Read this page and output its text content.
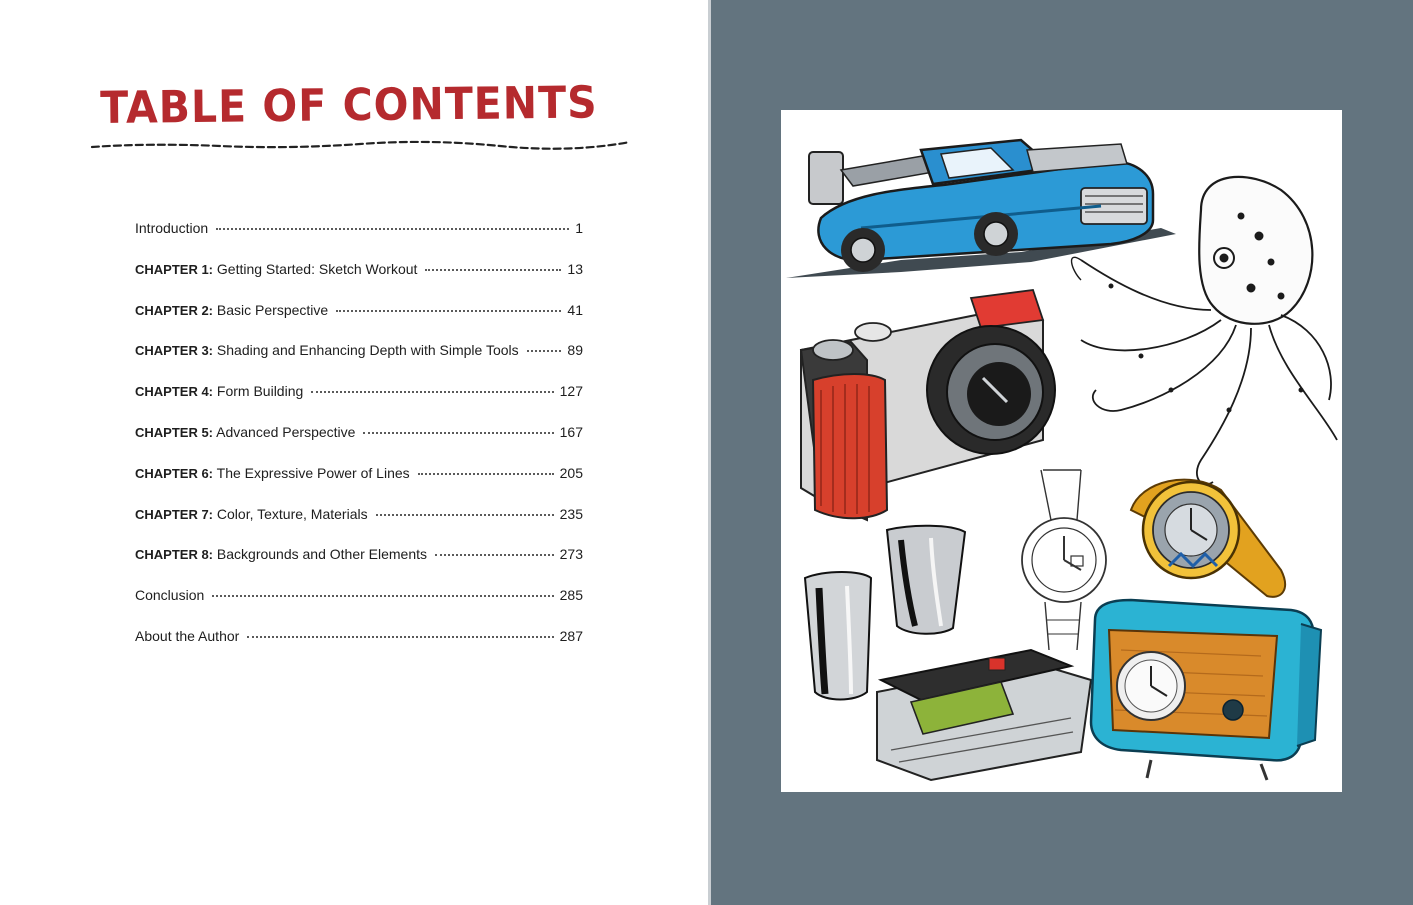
TABLE OF CONTENTS
Introduction	1
CHAPTER 1: Getting Started: Sketch Workout	13
CHAPTER 2: Basic Perspective	41
CHAPTER 3: Shading and Enhancing Depth with Simple Tools	89
CHAPTER 4: Form Building	127
CHAPTER 5: Advanced Perspective	167
CHAPTER 6: The Expressive Power of Lines	205
CHAPTER 7: Color, Texture, Materials	235
CHAPTER 8: Backgrounds and Other Elements	273
Conclusion	285
About the Author	287
